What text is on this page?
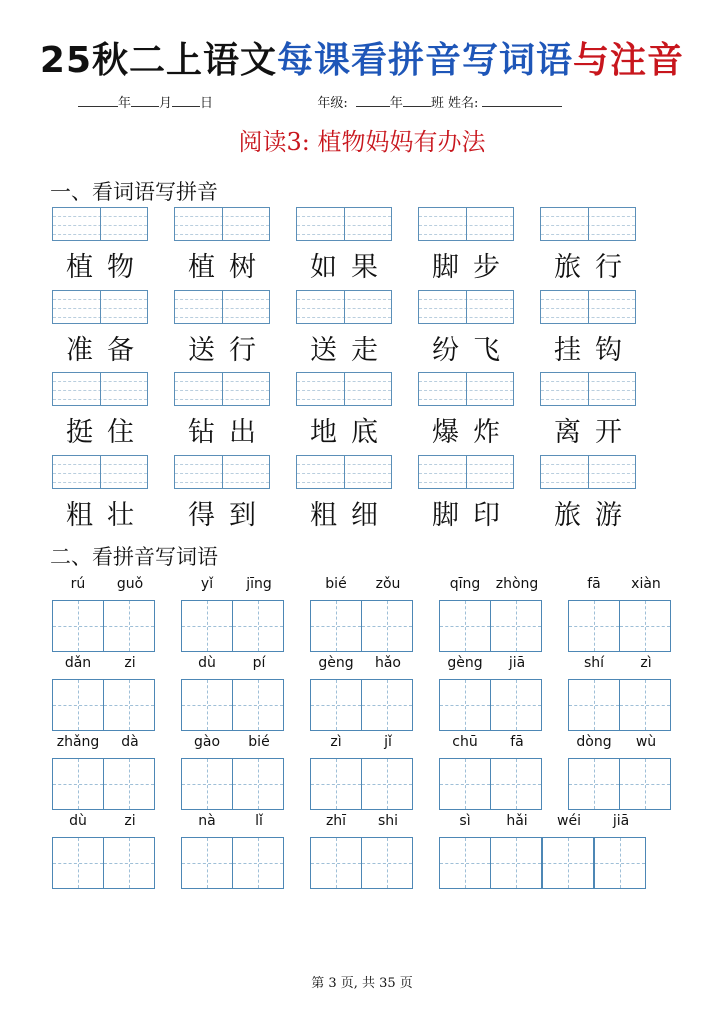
25秋二上语文每课看拼音写词语与注音
年 月 日	年级:	年 班 姓名:
阅读3: 植物妈妈有办法
一、看词语写拼音
植物	植树	如果	脚步	旅行
准备	送行	送走	纷飞	挂钩
挺住	钻出	地底	爆炸	离开
粗壮	得到	粗细	脚印	旅游
二、看拼音写词语
rú	guǒ	yǐ	jīng	bié	zǒu	qīng	zhòng	fā	xiàn
dǎn	zi	dù	pí	gèng	hǎo	gèng	jiā	shí	zì
zhǎng	dà	gào	bié	zì	jǐ	chū	fā	dòng	wù
dù	zi	nà	lǐ	zhī	shi	sì	hǎi	wéi	jiā
第 3 页, 共 35 页
